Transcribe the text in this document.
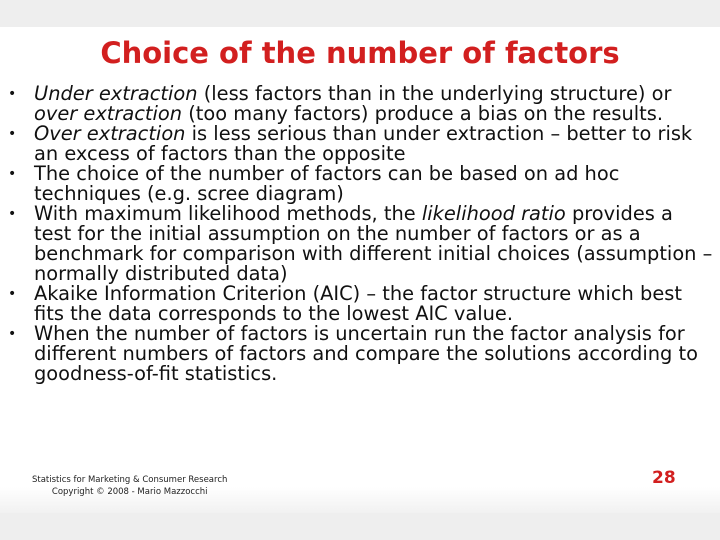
Choice of the number of factors
• Under extraction (less factors than in the underlying structure) or over extraction (too many factors) produce a bias on the results.
• Over extraction is less serious than under extraction – better to risk an excess of factors than the opposite
• The choice of the number of factors can be based on ad hoc techniques (e.g. scree diagram)
• With maximum likelihood methods, the likelihood ratio provides a test for the initial assumption on the number of factors or as a benchmark for comparison with different initial choices (assumption – normally distributed data)
• Akaike Information Criterion (AIC) – the factor structure which best fits the data corresponds to the lowest AIC value.
• When the number of factors is uncertain run the factor analysis for different numbers of factors and compare the solutions according to goodness-of-fit statistics.
Statistics for Marketing & Consumer Research
Copyright © 2008 - Mario Mazzocchi
28
